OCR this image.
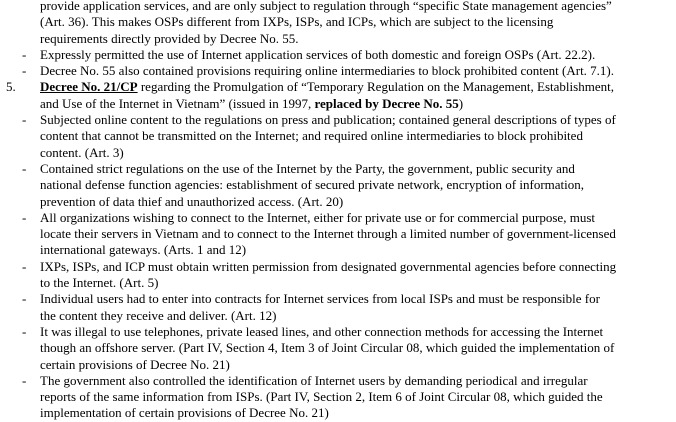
provide application services, and are only subject to regulation through “specific State management agencies”
(Art. 36). This makes OSPs different from IXPs, ISPs, and ICPs, which are subject to the licensing
requirements directly provided by Decree No. 55.
- Expressly permitted the use of Internet application services of both domestic and foreign OSPs (Art. 22.2).
- Decree No. 55 also contained provisions requiring online intermediaries to block prohibited content (Art. 7.1).
5. Decree No. 21/CP regarding the Promulgation of “Temporary Regulation on the Management, Establishment,
and Use of the Internet in Vietnam” (issued in 1997, replaced by Decree No. 55)
- Subjected online content to the regulations on press and publication; contained general descriptions of types of
content that cannot be transmitted on the Internet; and required online intermediaries to block prohibited
content. (Art. 3)
- Contained strict regulations on the use of the Internet by the Party, the government, public security and
national defense function agencies: establishment of secured private network, encryption of information,
prevention of data thief and unauthorized access. (Art. 20)
- All organizations wishing to connect to the Internet, either for private use or for commercial purpose, must
locate their servers in Vietnam and to connect to the Internet through a limited number of government-licensed
international gateways. (Arts. 1 and 12)
- IXPs, ISPs, and ICP must obtain written permission from designated governmental agencies before connecting
to the Internet. (Art. 5)
- Individual users had to enter into contracts for Internet services from local ISPs and must be responsible for
the content they receive and deliver. (Art. 12)
- It was illegal to use telephones, private leased lines, and other connection methods for accessing the Internet
though an offshore server. (Part IV, Section 4, Item 3 of Joint Circular 08, which guided the implementation of
certain provisions of Decree No. 21)
- The government also controlled the identification of Internet users by demanding periodical and irregular
reports of the same information from ISPs. (Part IV, Section 2, Item 6 of Joint Circular 08, which guided the
implementation of certain provisions of Decree No. 21)
